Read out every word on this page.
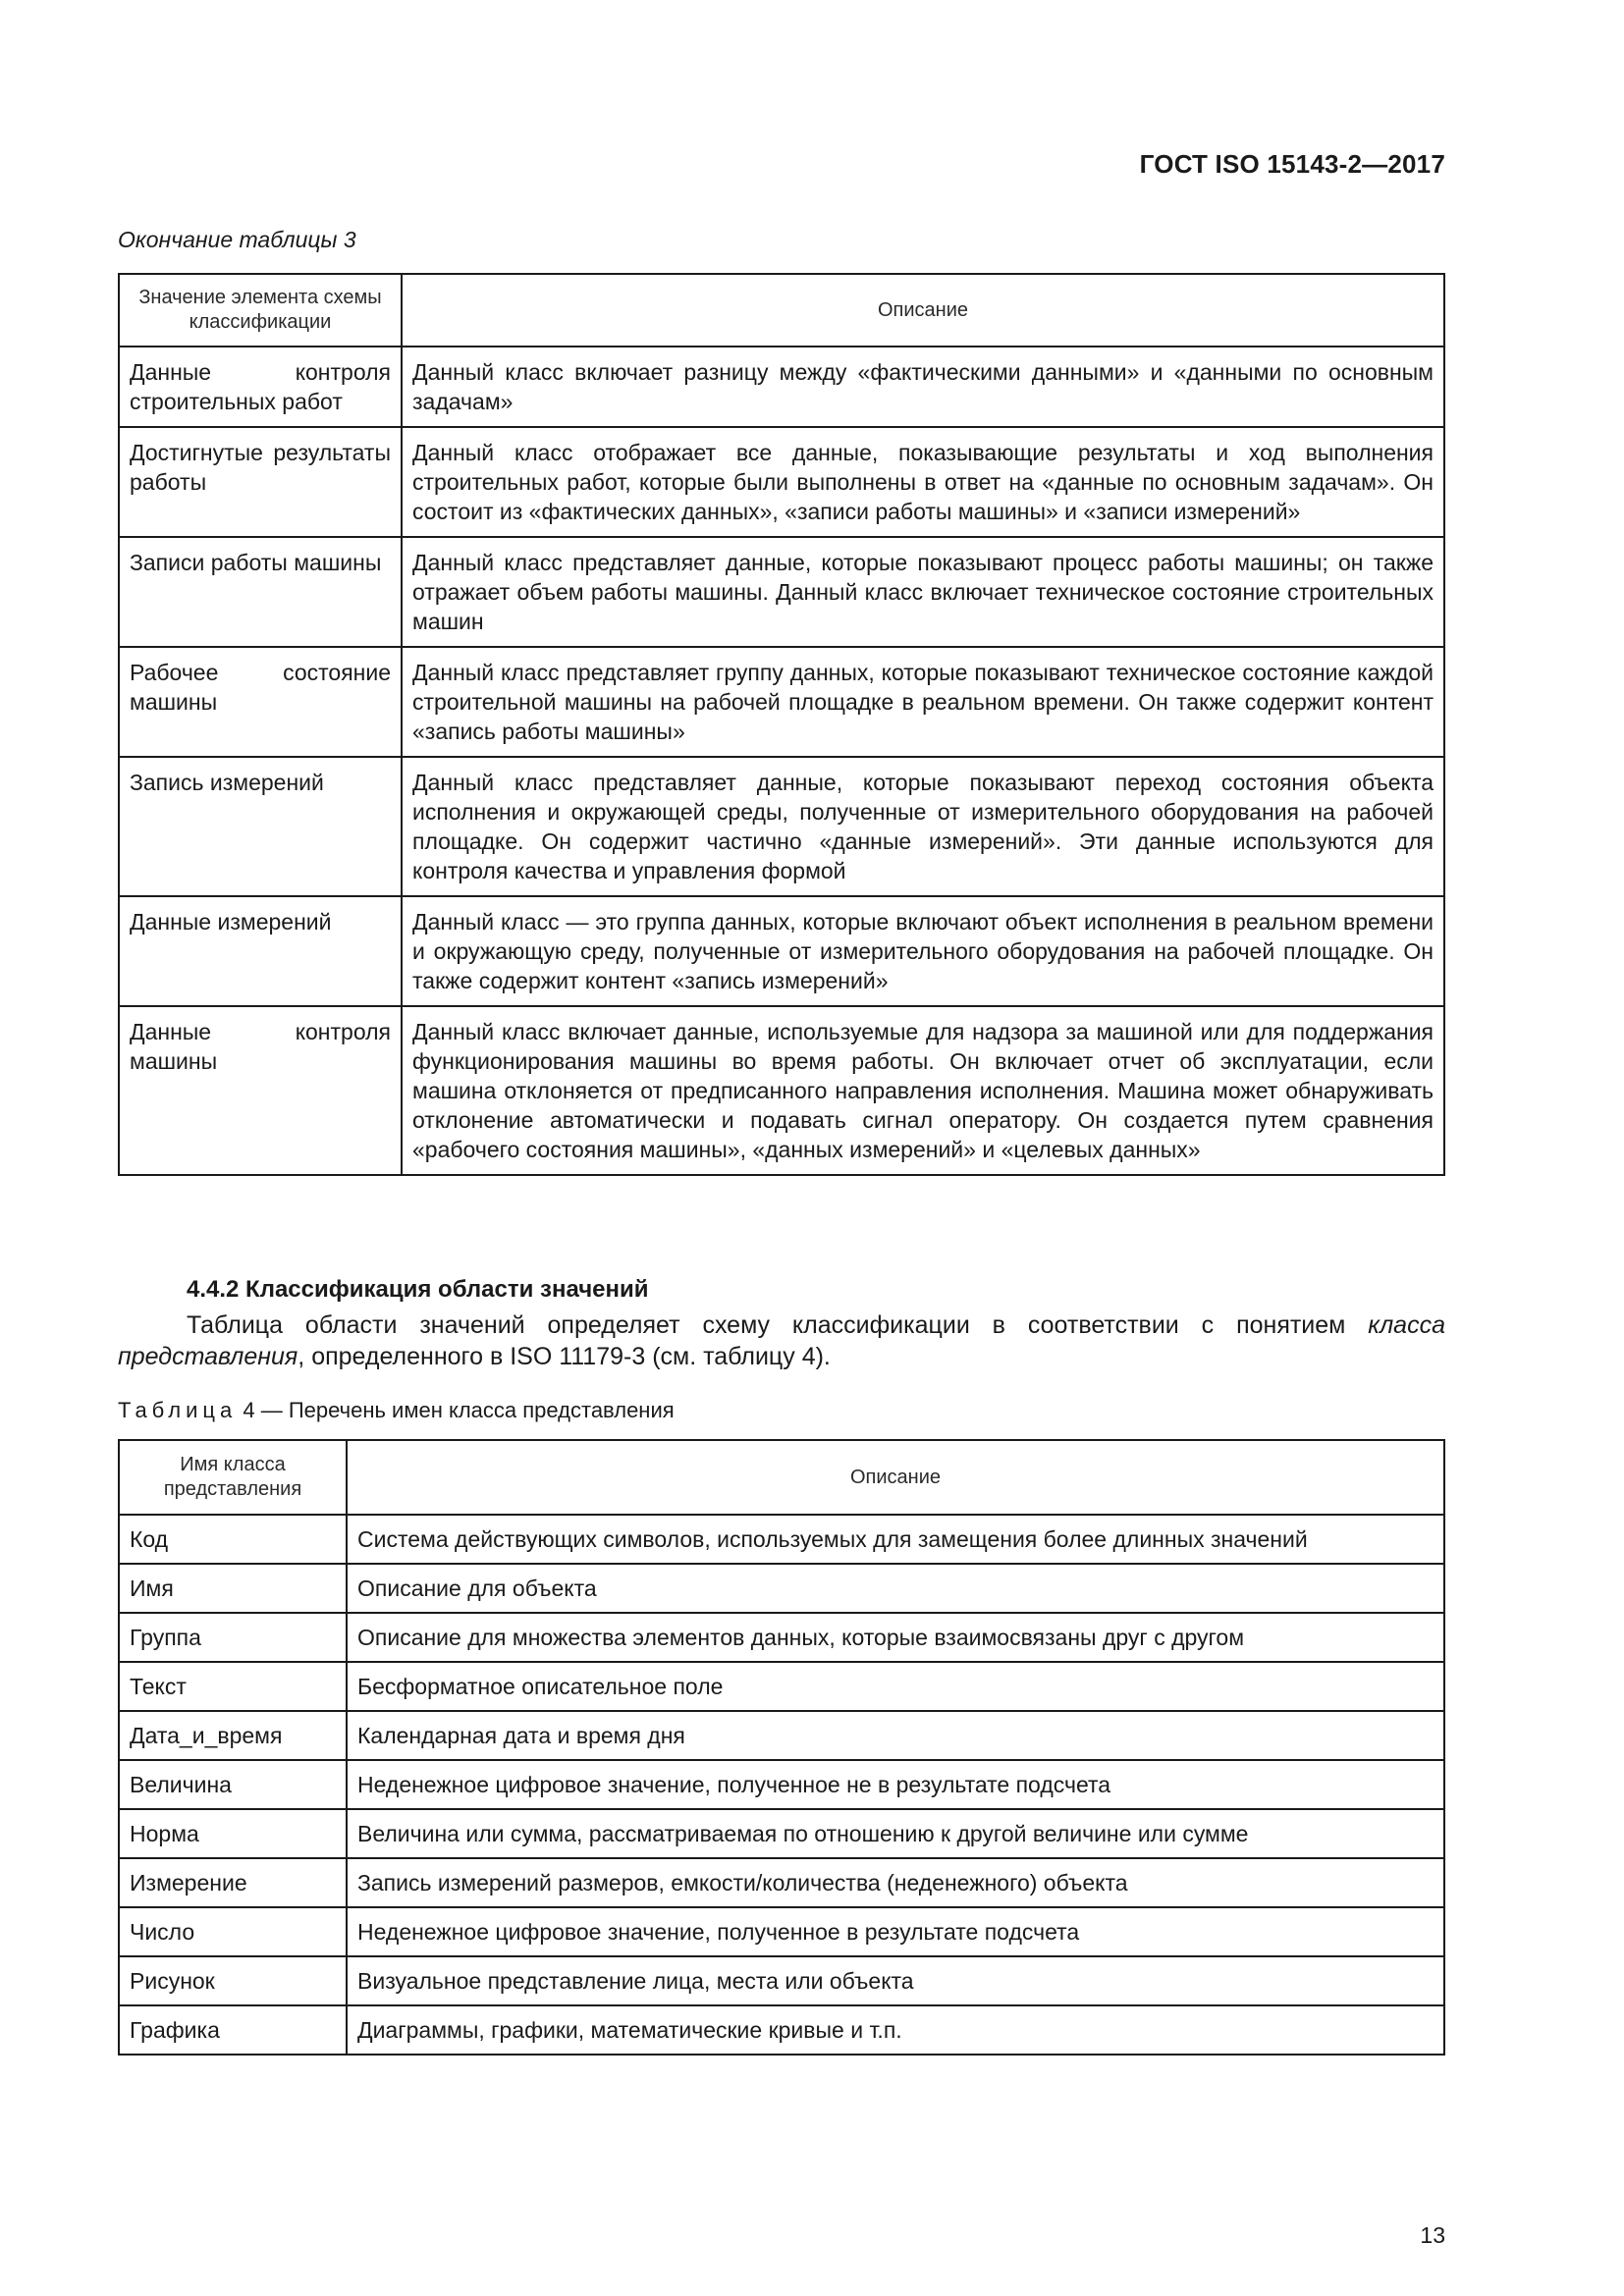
ГОСТ ISO 15143-2—2017
Окончание таблицы 3
Значение элемента схемы классификации	Описание
Данные контроля строительных работ	Данный класс включает разницу между «фактическими данными» и «данными по основным задачам»
Достигнутые результаты работы	Данный класс отображает все данные, показывающие результаты и ход выполнения строительных работ, которые были выполнены в ответ на «данные по основным задачам». Он состоит из «фактических данных», «записи работы машины» и «записи измерений»
Записи работы машины	Данный класс представляет данные, которые показывают процесс работы машины; он также отражает объем работы машины. Данный класс включает техническое состояние строительных машин
Рабочее состояние машины	Данный класс представляет группу данных, которые показывают техническое состояние каждой строительной машины на рабочей площадке в реальном времени. Он также содержит контент «запись работы машины»
Запись измерений	Данный класс представляет данные, которые показывают переход состояния объекта исполнения и окружающей среды, полученные от измерительного оборудования на рабочей площадке. Он содержит частично «данные измерений». Эти данные используются для контроля качества и управления формой
Данные измерений	Данный класс — это группа данных, которые включают объект исполнения в реальном времени и окружающую среду, полученные от измерительного оборудования на рабочей площадке. Он также содержит контент «запись измерений»
Данные контроля машины	Данный класс включает данные, используемые для надзора за машиной или для поддержания функционирования машины во время работы. Он включает отчет об эксплуатации, если машина отклоняется от предписанного направления исполнения. Машина может обнаруживать отклонение автоматически и подавать сигнал оператору. Он создается путем сравнения «рабочего состояния машины», «данных измерений» и «целевых данных»
4.4.2 Классификация области значений
Таблица области значений определяет схему классификации в соответствии с понятием класса представления, определенного в ISO 11179-3 (см. таблицу 4).
Таблица 4 — Перечень имен класса представления
Имя класса представления	Описание
Код	Система действующих символов, используемых для замещения более длинных значений
Имя	Описание для объекта
Группа	Описание для множества элементов данных, которые взаимосвязаны друг с другом
Текст	Бесформатное описательное поле
Дата_и_время	Календарная дата и время дня
Величина	Неденежное цифровое значение, полученное не в результате подсчета
Норма	Величина или сумма, рассматриваемая по отношению к другой величине или сумме
Измерение	Запись измерений размеров, емкости/количества (неденежного) объекта
Число	Неденежное цифровое значение, полученное в результате подсчета
Рисунок	Визуальное представление лица, места или объекта
Графика	Диаграммы, графики, математические кривые и т.п.
13
